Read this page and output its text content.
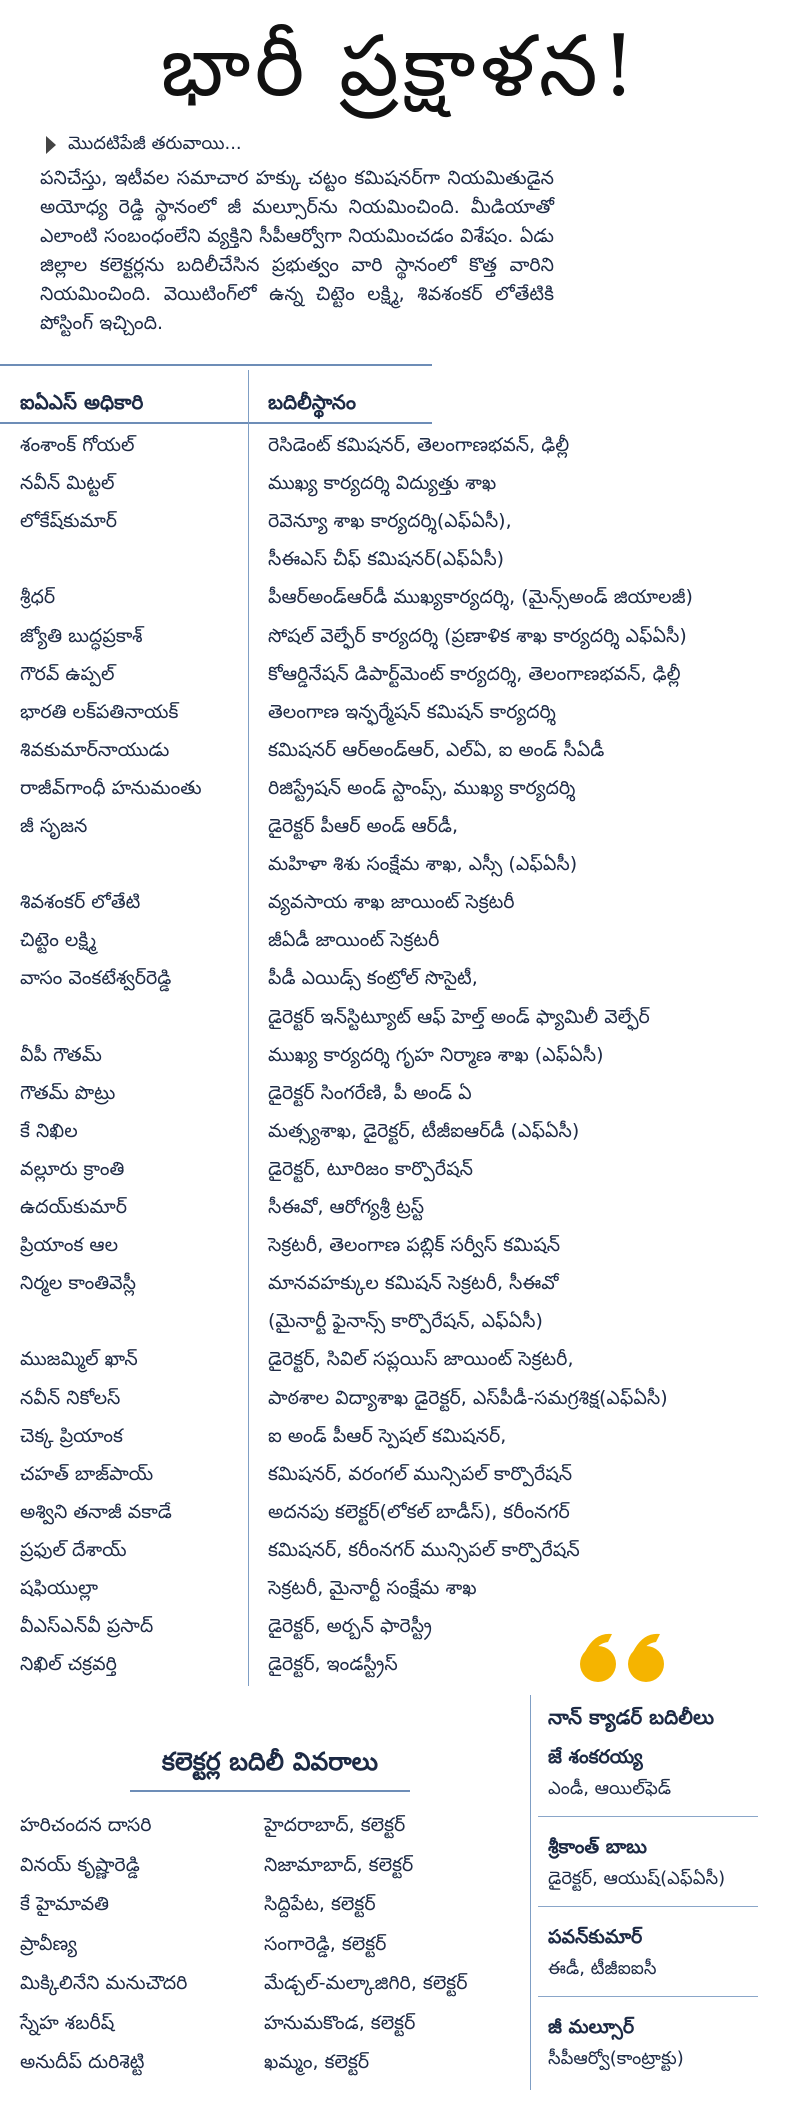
భారీ ప్రక్షాళన!
మొదటిపేజీ తరువాయి...
పనిచేస్తు, ఇటీవల సమాచార హక్కు చట్టం కమిషనర్‌గా నియమితుడైన అయోధ్య రెడ్డి స్థానంలో జీ మల్సూర్‌ను నియమించింది. మీడియాతో ఎలాంటి సంబంధంలేని వ్యక్తిని సీపీఆర్వోగా నియమించడం విశేషం. ఏడు జిల్లాల కలెక్టర్లను బదిలీచేసిన ప్రభుత్వం వారి స్థానంలో కొత్త వారిని నియమించింది. వెయిటింగ్‌లో ఉన్న చిట్టెం లక్ష్మి, శివశంకర్ లోతేటికి పోస్టింగ్ ఇచ్చింది.
ఐఏఎస్ అధికారి	బదిలీస్థానం
శంశాంక్ గోయల్	రెసిడెంట్ కమిషనర్, తెలంగాణభవన్, ఢిల్లీ
నవీన్ మిట్టల్	ముఖ్య కార్యదర్శి విద్యుత్తు శాఖ
లోకేష్‌కుమార్	రెవెన్యూ శాఖ కార్యదర్శి(ఎఫ్ఏసీ),
సీఈఎస్ చీఫ్ కమిషనర్(ఎఫ్ఏసీ)
శ్రీధర్	పీఆర్అండ్ఆర్‌డీ ముఖ్యకార్యదర్శి, (మైన్స్అండ్ జియాలజీ)
జ్యోతి బుద్ధప్రకాశ్	సోషల్ వెల్ఫేర్ కార్యదర్శి (ప్రణాళిక శాఖ కార్యదర్శి ఎఫ్ఏసీ)
గౌరవ్ ఉప్పల్	కోఆర్డినేషన్ డిపార్ట్‌మెంట్ కార్యదర్శి, తెలంగాణభవన్, ఢిల్లీ
భారతి లక్‌పతినాయక్	తెలంగాణ ఇన్ఫర్మేషన్ కమిషన్ కార్యదర్శి
శివకుమార్‌నాయుడు	కమిషనర్ ఆర్అండ్ఆర్, ఎల్ఏ, ఐ అండ్ సీఏడీ
రాజీవ్‌గాంధీ హనుమంతు	రిజిస్ట్రేషన్ అండ్ స్టాంప్స్, ముఖ్య కార్యదర్శి
జీ సృజన	డైరెక్టర్ పీఆర్ అండ్ ఆర్‌డీ,
మహిళా శిశు సంక్షేమ శాఖ, ఎస్సీ (ఎఫ్ఏసీ)
శివశంకర్ లోతేటి	వ్యవసాయ శాఖ జాయింట్ సెక్రటరీ
చిట్టెం లక్ష్మి	జీఏడీ జాయింట్ సెక్రటరీ
వాసం వెంకటేశ్వర్‌రెడ్డి	పీడీ ఎయిడ్స్ కంట్రోల్ సొసైటీ,
డైరెక్టర్ ఇన్‌స్టిట్యూట్ ఆఫ్ హెల్త్ అండ్ ఫ్యామిలీ వెల్ఫేర్
వీపీ గౌతమ్	ముఖ్య కార్యదర్శి గృహ నిర్మాణ శాఖ (ఎఫ్ఏసీ)
గౌతమ్ పొట్రు	డైరెక్టర్ సింగరేణి, పీ అండ్ ఏ
కే నిఖిల	మత్స్యశాఖ, డైరెక్టర్, టీజీఐఆర్‌డీ (ఎఫ్ఏసీ)
వల్లూరు క్రాంతి	డైరెక్టర్, టూరిజం కార్పొరేషన్
ఉదయ్‌కుమార్	సీఈవో, ఆరోగ్యశ్రీ ట్రస్ట్
ప్రియాంక ఆల	సెక్రటరీ, తెలంగాణ పబ్లిక్ సర్వీస్ కమిషన్
నిర్మల కాంతివెస్లీ	మానవహక్కుల కమిషన్ సెక్రటరీ, సీఈవో
(మైనార్టీ ఫైనాన్స్ కార్పొరేషన్, ఎఫ్ఏసీ)
ముజమ్మిల్ ఖాన్	డైరెక్టర్, సివిల్ సప్లయిస్ జాయింట్ సెక్రటరీ,
నవీన్ నికోలస్	పాఠశాల విద్యాశాఖ డైరెక్టర్, ఎస్‌పీడీ-సమగ్రశిక్ష(ఎఫ్ఏసీ)
చెక్క ప్రియాంక	ఐ అండ్ పీఆర్ స్పెషల్ కమిషనర్,
చహత్ బాజ్‌పాయ్	కమిషనర్, వరంగల్ మున్సిపల్ కార్పొరేషన్
అశ్విని తనాజీ వకాడే	అదనపు కలెక్టర్(లోకల్ బాడీస్), కరీంనగర్
ప్రఫుల్ దేశాయ్	కమిషనర్, కరీంనగర్ మున్సిపల్ కార్పొరేషన్
షఫియుల్లా	సెక్రటరీ, మైనార్టీ సంక్షేమ శాఖ
వీఎస్ఎన్‌వీ ప్రసాద్	డైరెక్టర్, అర్బన్ ఫారెస్ట్రీ
నిఖిల్ చక్రవర్తి	డైరెక్టర్, ఇండస్ట్రీస్
కలెక్టర్ల బదిలీ వివరాలు
హరిచందన దాసరి	హైదరాబాద్, కలెక్టర్
వినయ్ కృష్ణారెడ్డి	నిజామాబాద్, కలెక్టర్
కే హైమావతి	సిద్దిపేట, కలెక్టర్
ప్రావీణ్య	సంగారెడ్డి, కలెక్టర్
మిక్కిలినేని మనుచౌదరి	మేడ్చల్-మల్కాజిగిరి, కలెక్టర్
స్నేహ శబరీష్	హనుమకొండ, కలెక్టర్
అనుదీప్ దురిశెట్టి	ఖమ్మం, కలెక్టర్
నాన్ క్యాడర్ బదిలీలు
జే శంకరయ్య
ఎండీ, ఆయిల్‌ఫెడ్
శ్రీకాంత్ బాబు
డైరెక్టర్, ఆయుష్(ఎఫ్ఏసీ)
పవన్‌కుమార్
ఈడీ, టీజీఐఐసీ
జీ మల్సూర్
సీపీఆర్వో(కాంట్రాక్టు)
